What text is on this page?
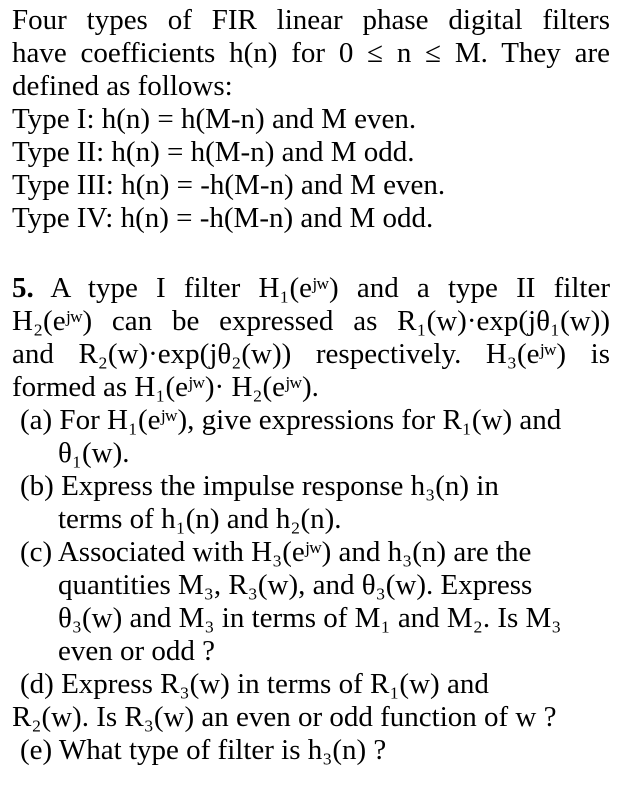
Four types of FIR linear phase digital filters
have coefficients h(n) for 0 ≤ n ≤ M. They are
defined as follows:
Type I: h(n) = h(M-n) and M even.
Type II: h(n) = h(M-n) and M odd.
Type III: h(n) = -h(M-n) and M even.
Type IV: h(n) = -h(M-n) and M odd.
5. A type I filter H₁(eʲʷ) and a type II filter
H₂(eʲʷ) can be expressed as R₁(w)·exp(jθ₁(w))
and R₂(w)·exp(jθ₂(w)) respectively. H₃(eʲʷ) is
formed as H₁(eʲʷ)· H₂(eʲʷ).
(a) For H₁(eʲʷ), give expressions for R₁(w) and
θ₁(w).
(b) Express the impulse response h₃(n) in
terms of h₁(n) and h₂(n).
(c) Associated with H₃(eʲʷ) and h₃(n) are the
quantities M₃, R₃(w), and θ₃(w). Express
θ₃(w) and M₃ in terms of M₁ and M₂. Is M₃
even or odd ?
(d) Express R₃(w) in terms of R₁(w) and
R₂(w). Is R₃(w) an even or odd function of w ?
(e) What type of filter is h₃(n) ?
